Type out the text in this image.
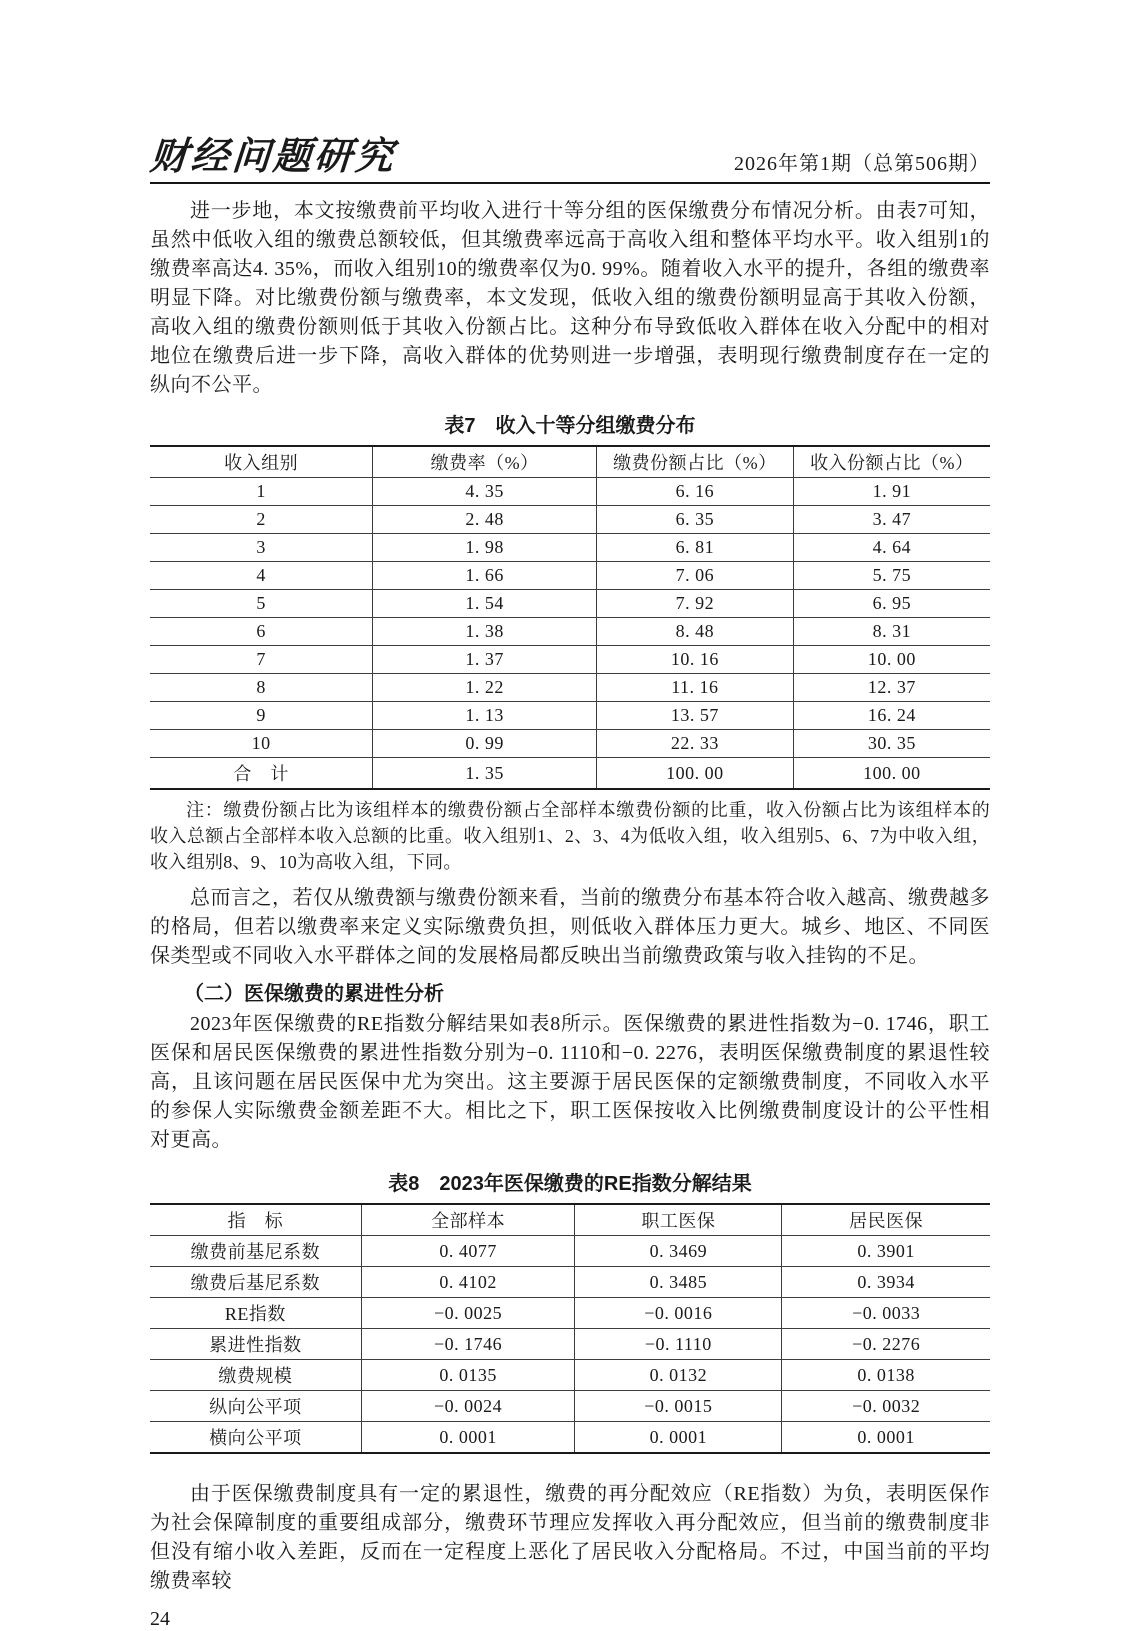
财经问题研究	2026年第1期（总第506期）

进一步地，本文按缴费前平均收入进行十等分组的医保缴费分布情况分析。由表7可知，虽然中低收入组的缴费总额较低，但其缴费率远高于高收入组和整体平均水平。收入组别1的缴费率高达4. 35%，而收入组别10的缴费率仅为0. 99%。随着收入水平的提升，各组的缴费率明显下降。对比缴费份额与缴费率，本文发现，低收入组的缴费份额明显高于其收入份额，高收入组的缴费份额则低于其收入份额占比。这种分布导致低收入群体在收入分配中的相对地位在缴费后进一步下降，高收入群体的优势则进一步增强，表明现行缴费制度存在一定的纵向不公平。

表7　收入十等分组缴费分布
收入组别	缴费率（%）	缴费份额占比（%）	收入份额占比（%）
1	4. 35	6. 16	1. 91
2	2. 48	6. 35	3. 47
3	1. 98	6. 81	4. 64
4	1. 66	7. 06	5. 75
5	1. 54	7. 92	6. 95
6	1. 38	8. 48	8. 31
7	1. 37	10. 16	10. 00
8	1. 22	11. 16	12. 37
9	1. 13	13. 57	16. 24
10	0. 99	22. 33	30. 35
合　计	1. 35	100. 00	100. 00

注：缴费份额占比为该组样本的缴费份额占全部样本缴费份额的比重，收入份额占比为该组样本的收入总额占全部样本收入总额的比重。收入组别1、2、3、4为低收入组，收入组别5、6、7为中收入组，收入组别8、9、10为高收入组，下同。

总而言之，若仅从缴费额与缴费份额来看，当前的缴费分布基本符合收入越高、缴费越多的格局，但若以缴费率来定义实际缴费负担，则低收入群体压力更大。城乡、地区、不同医保类型或不同收入水平群体之间的发展格局都反映出当前缴费政策与收入挂钩的不足。

（二）医保缴费的累进性分析

2023年医保缴费的RE指数分解结果如表8所示。医保缴费的累进性指数为−0. 1746，职工医保和居民医保缴费的累进性指数分别为−0. 1110和−0. 2276，表明医保缴费制度的累退性较高，且该问题在居民医保中尤为突出。这主要源于居民医保的定额缴费制度，不同收入水平的参保人实际缴费金额差距不大。相比之下，职工医保按收入比例缴费制度设计的公平性相对更高。

表8　2023年医保缴费的RE指数分解结果
指　标	全部样本	职工医保	居民医保
缴费前基尼系数	0. 4077	0. 3469	0. 3901
缴费后基尼系数	0. 4102	0. 3485	0. 3934
RE指数	−0. 0025	−0. 0016	−0. 0033
累进性指数	−0. 1746	−0. 1110	−0. 2276
缴费规模	0. 0135	0. 0132	0. 0138
纵向公平项	−0. 0024	−0. 0015	−0. 0032
横向公平项	0. 0001	0. 0001	0. 0001

由于医保缴费制度具有一定的累退性，缴费的再分配效应（RE指数）为负，表明医保作为社会保障制度的重要组成部分，缴费环节理应发挥收入再分配效应，但当前的缴费制度非但没有缩小收入差距，反而在一定程度上恶化了居民收入分配格局。不过，中国当前的平均缴费率较

24
